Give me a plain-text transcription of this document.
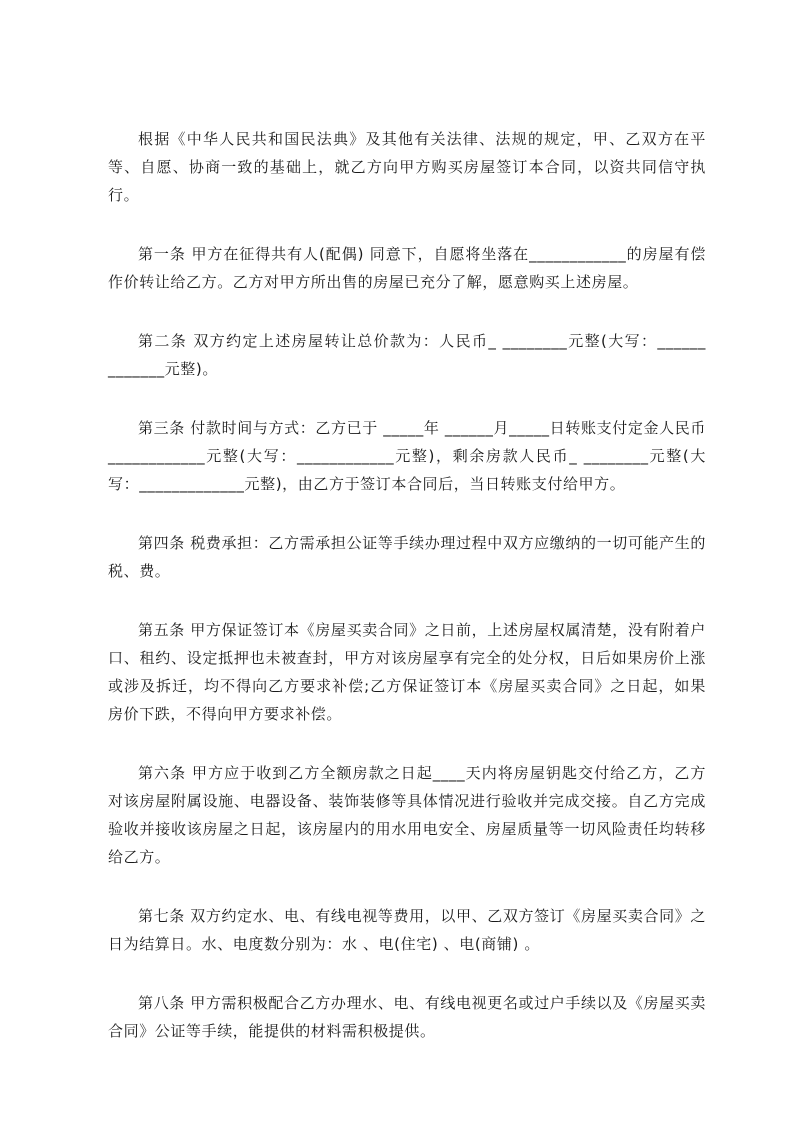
根据《中华人民共和国民法典》及其他有关法律、法规的规定，甲、乙双方在平等、自愿、协商一致的基础上，就乙方向甲方购买房屋签订本合同，以资共同信守执行。

第一条 甲方在征得共有人(配偶) 同意下，自愿将坐落在____________的房屋有偿作价转让给乙方。乙方对甲方所出售的房屋已充分了解，愿意购买上述房屋。

第二条 双方约定上述房屋转让总价款为：人民币_ ________元整(大写：______ _______元整)。

第三条 付款时间与方式：乙方已于 _____年 ______月_____日转账支付定金人民币____________元整(大写：____________元整)，剩余房款人民币_ ________元整(大写：_____________元整)，由乙方于签订本合同后，当日转账支付给甲方。

第四条 税费承担：乙方需承担公证等手续办理过程中双方应缴纳的一切可能产生的税、费。

第五条 甲方保证签订本《房屋买卖合同》之日前，上述房屋权属清楚，没有附着户口、租约、设定抵押也未被查封，甲方对该房屋享有完全的处分权，日后如果房价上涨或涉及拆迁，均不得向乙方要求补偿;乙方保证签订本《房屋买卖合同》之日起，如果房价下跌，不得向甲方要求补偿。

第六条 甲方应于收到乙方全额房款之日起____天内将房屋钥匙交付给乙方，乙方对该房屋附属设施、电器设备、装饰装修等具体情况进行验收并完成交接。自乙方完成验收并接收该房屋之日起，该房屋内的用水用电安全、房屋质量等一切风险责任均转移给乙方。

第七条 双方约定水、电、有线电视等费用，以甲、乙双方签订《房屋买卖合同》之日为结算日。水、电度数分别为：水 、电(住宅) 、电(商铺) 。

第八条 甲方需积极配合乙方办理水、电、有线电视更名或过户手续以及《房屋买卖合同》公证等手续，能提供的材料需积极提供。
